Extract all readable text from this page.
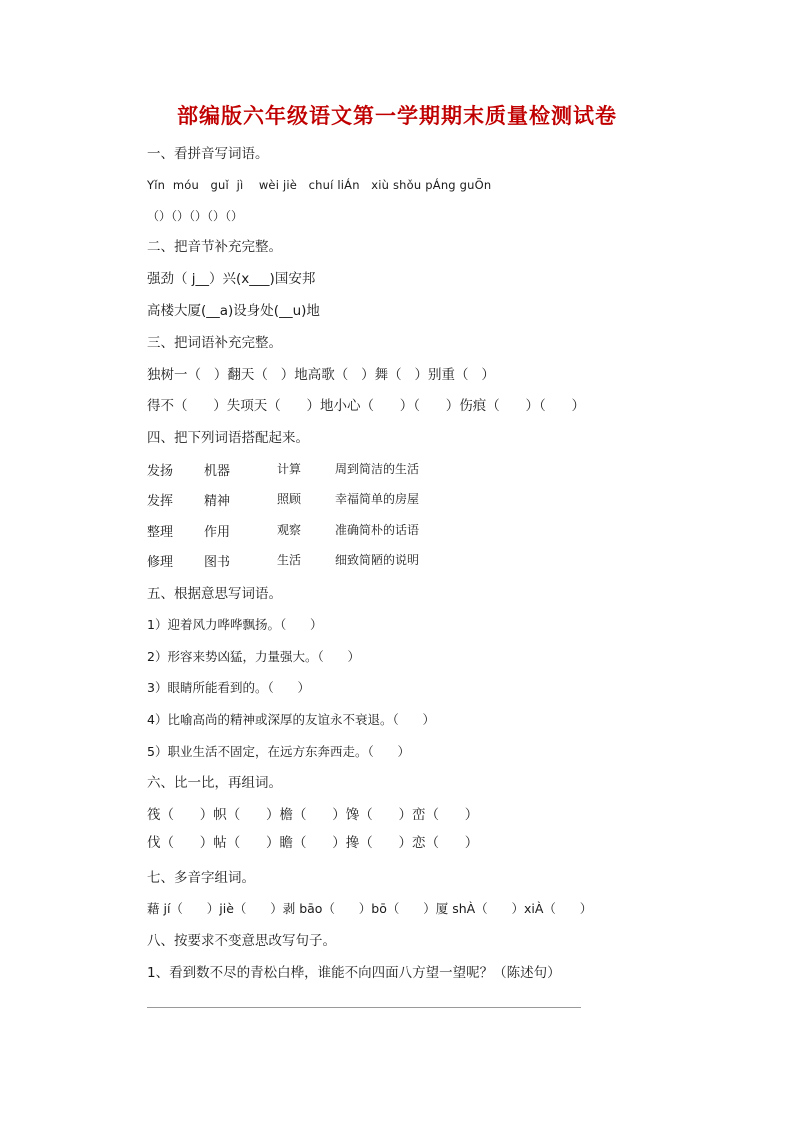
部编版六年级语文第一学期期末质量检测试卷
一、看拼音写词语。
Yǐn  móu   guǐ  jì    wèi jiè   chuí liÁn   xiù shǒu pÁng guÕn
（）（）（）（）（）
二、把音节补充完整。
强劲（ j__）兴(x___)国安邦
高楼大厦(__a)设身处(__u)地
三、把词语补充完整。
独树一（   ）翻天（   ）地高歌（   ）舞（   ）别重（   ）
得不（      ）失项天（      ）地小心（      ）（      ）伤痕（      ）（      ）
四、把下列词语搭配起来。
发扬 机器	计算	周到简洁的生活
发挥 精神	照顾	幸福简单的房屋
整理 作用	观察	准确简朴的话语
修理 图书	生活	细致简陋的说明
五、根据意思写词语。
1）迎着风力哗哗飘扬。（      ）
2）形容来势凶猛，力量强大。（      ）
3）眼睛所能看到的。（      ）
4）比喻高尚的精神或深厚的友谊永不衰退。（      ）
5）职业生活不固定，在远方东奔西走。（      ）
六、比一比，再组词。
筏（      ）帜（      ）檐（      ）馋（      ）峦（      ）
伐（      ）帖（      ）瞻（      ）搀（      ）恋（      ）
七、多音字组词。
藉 jí（      ）jiè（      ）剥 bāo（      ）bō（      ）厦 shÀ（      ）xiÀ（      ）
八、按要求不变意思改写句子。
1、看到数不尽的青松白桦，谁能不向四面八方望一望呢？（陈述句）
